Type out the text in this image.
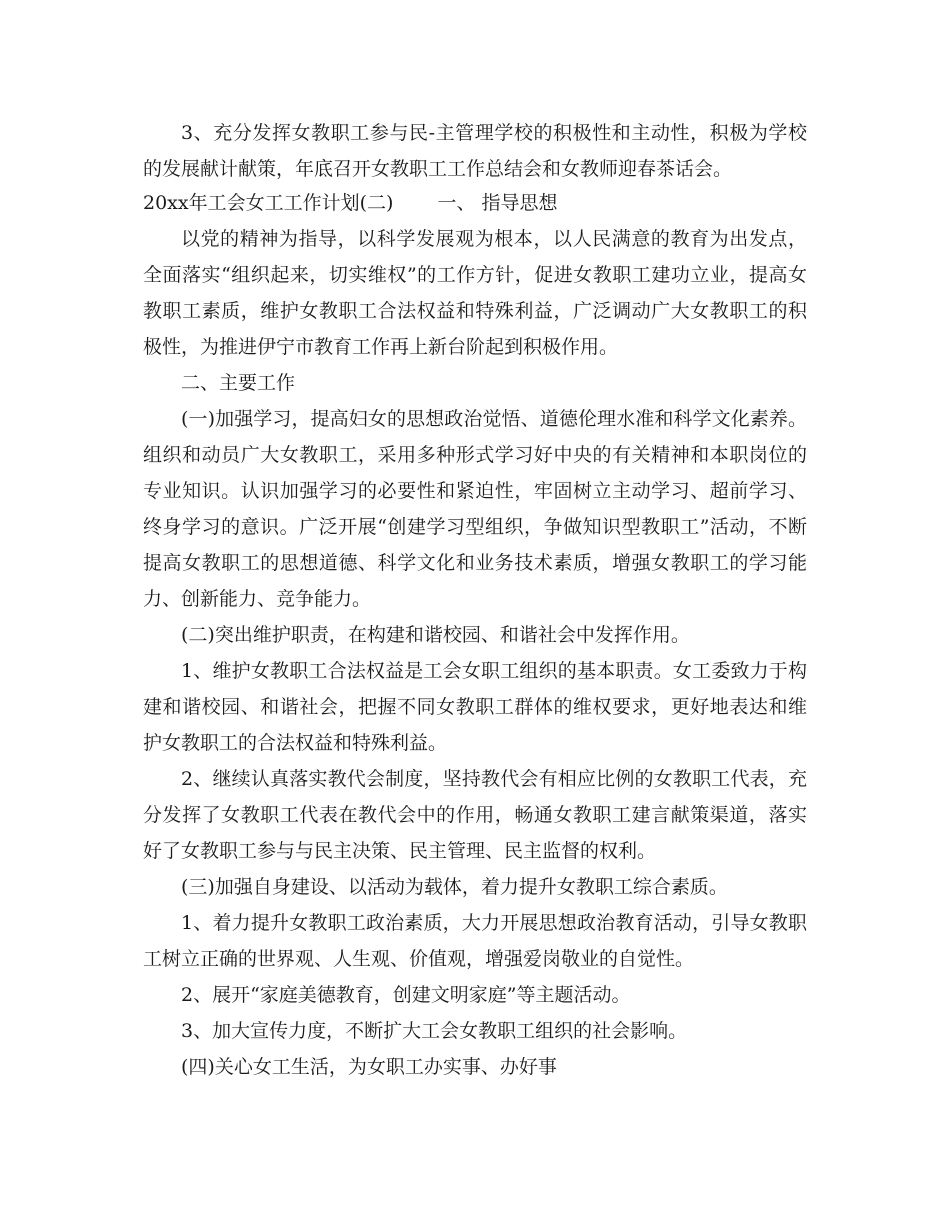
3、充分发挥女教职工参与民-主管理学校的积极性和主动性，积极为学校的发展献计献策，年底召开女教职工工作总结会和女教师迎春茶话会。

20xx年工会女工工作计划(二)　　 一、 指导思想

以党的精神为指导，以科学发展观为根本，以人民满意的教育为出发点，全面落实“组织起来，切实维权”的工作方针，促进女教职工建功立业，提高女教职工素质，维护女教职工合法权益和特殊利益，广泛调动广大女教职工的积极性，为推进伊宁市教育工作再上新台阶起到积极作用。

二、主要工作

(一)加强学习，提高妇女的思想政治觉悟、道德伦理水准和科学文化素养。组织和动员广大女教职工，采用多种形式学习好中央的有关精神和本职岗位的专业知识。认识加强学习的必要性和紧迫性，牢固树立主动学习、超前学习、终身学习的意识。广泛开展“创建学习型组织，争做知识型教职工”活动，不断提高女教职工的思想道德、科学文化和业务技术素质，增强女教职工的学习能力、创新能力、竞争能力。

(二)突出维护职责，在构建和谐校园、和谐社会中发挥作用。

1、维护女教职工合法权益是工会女职工组织的基本职责。女工委致力于构建和谐校园、和谐社会，把握不同女教职工群体的维权要求，更好地表达和维护女教职工的合法权益和特殊利益。

2、继续认真落实教代会制度，坚持教代会有相应比例的女教职工代表，充分发挥了女教职工代表在教代会中的作用，畅通女教职工建言献策渠道，落实好了女教职工参与与民主决策、民主管理、民主监督的权利。

(三)加强自身建设、以活动为载体，着力提升女教职工综合素质。

1、着力提升女教职工政治素质，大力开展思想政治教育活动，引导女教职工树立正确的世界观、人生观、价值观，增强爱岗敬业的自觉性。

2、展开“家庭美德教育，创建文明家庭”等主题活动。

3、加大宣传力度，不断扩大工会女教职工组织的社会影响。

(四)关心女工生活，为女职工办实事、办好事
